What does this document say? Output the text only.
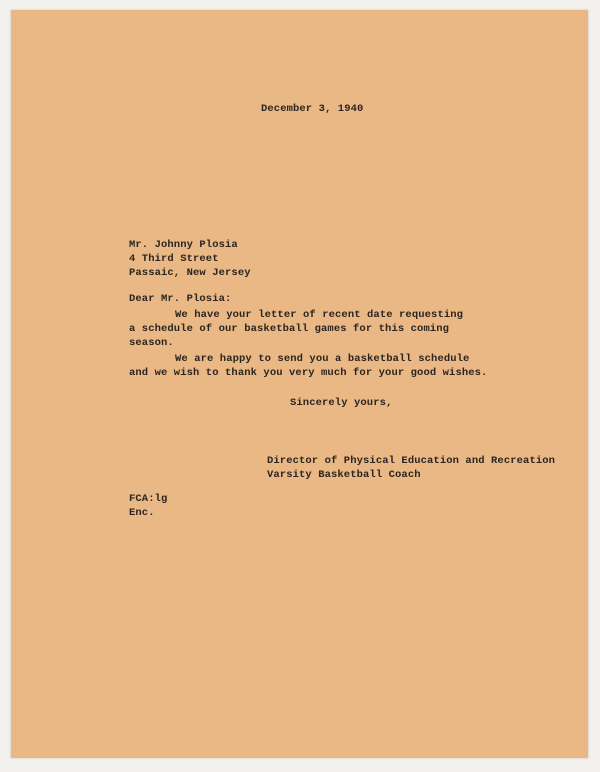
December 3, 1940
Mr. Johnny Plosia
4 Third Street
Passaic, New Jersey
Dear Mr. Plosia:
We have your letter of recent date requesting
a schedule of our basketball games for this coming
season.
We are happy to send you a basketball schedule
and we wish to thank you very much for your good wishes.
Sincerely yours,
Director of Physical Education and Recreation
Varsity Basketball Coach
FCA:lg
Enc.
